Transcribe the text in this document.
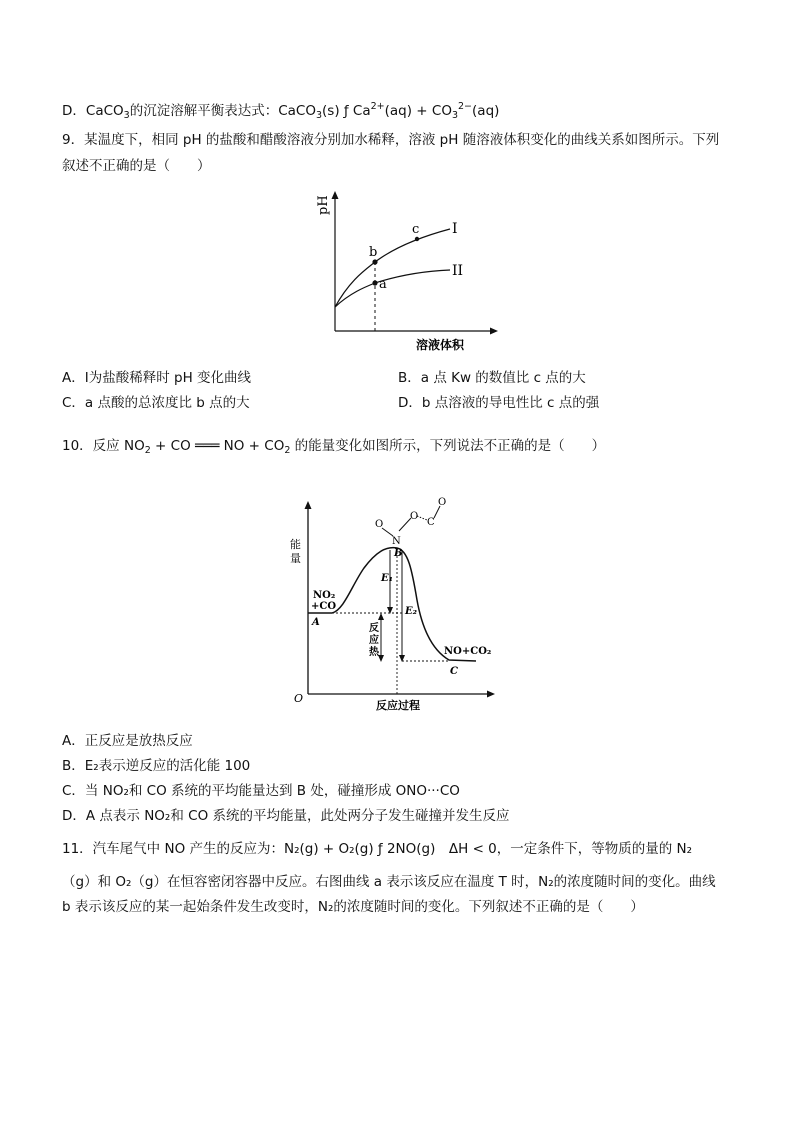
D．CaCO$_3$的沉淀溶解平衡表达式：CaCO$_3$(s) ƒ $Ca^{2+}(aq) + CO_3^{2-}(aq)$
9．某温度下，相同 pH 的盐酸和醋酸溶液分别加水稀释，溶液 pH 随溶液体积变化的曲线关系如图所示。下列
叙述不正确的是（　　）
pH
b
a
c I
II
溶液体积
A．Ⅰ为盐酸稀释时 pH 变化曲线	B．a 点 Kw 的数值比 c 点的大
C．a 点酸的总浓度比 b 点的大	D．b 点溶液的导电性比 c 点的强
10．反应 $NO_2$ + CO ═══ NO + $CO_2$ 的能量变化如图所示，下列说法不正确的是（　　）
能
量
O
反应过程
NO₂
+CO
A
B
E₁
E₂
反
应
热	NO+CO₂
C
O
N
O
C
O
A．正反应是放热反应
B．E₂表示逆反应的活化能 100
C．当 NO₂和 CO 系统的平均能量达到 B 处，碰撞形成 ONO···CO
D．A 点表示 NO₂和 CO 系统的平均能量，此处两分子发生碰撞并发生反应
11．汽车尾气中 NO 产生的反应为：N₂(g) + O₂(g) ƒ 2NO(g)　ΔH < 0，一定条件下，等物质的量的 N₂
（g）和 O₂（g）在恒容密闭容器中反应。右图曲线 a 表示该反应在温度 T 时，N₂的浓度随时间的变化。曲线
b 表示该反应的某一起始条件发生改变时，N₂的浓度随时间的变化。下列叙述不正确的是（　　）
